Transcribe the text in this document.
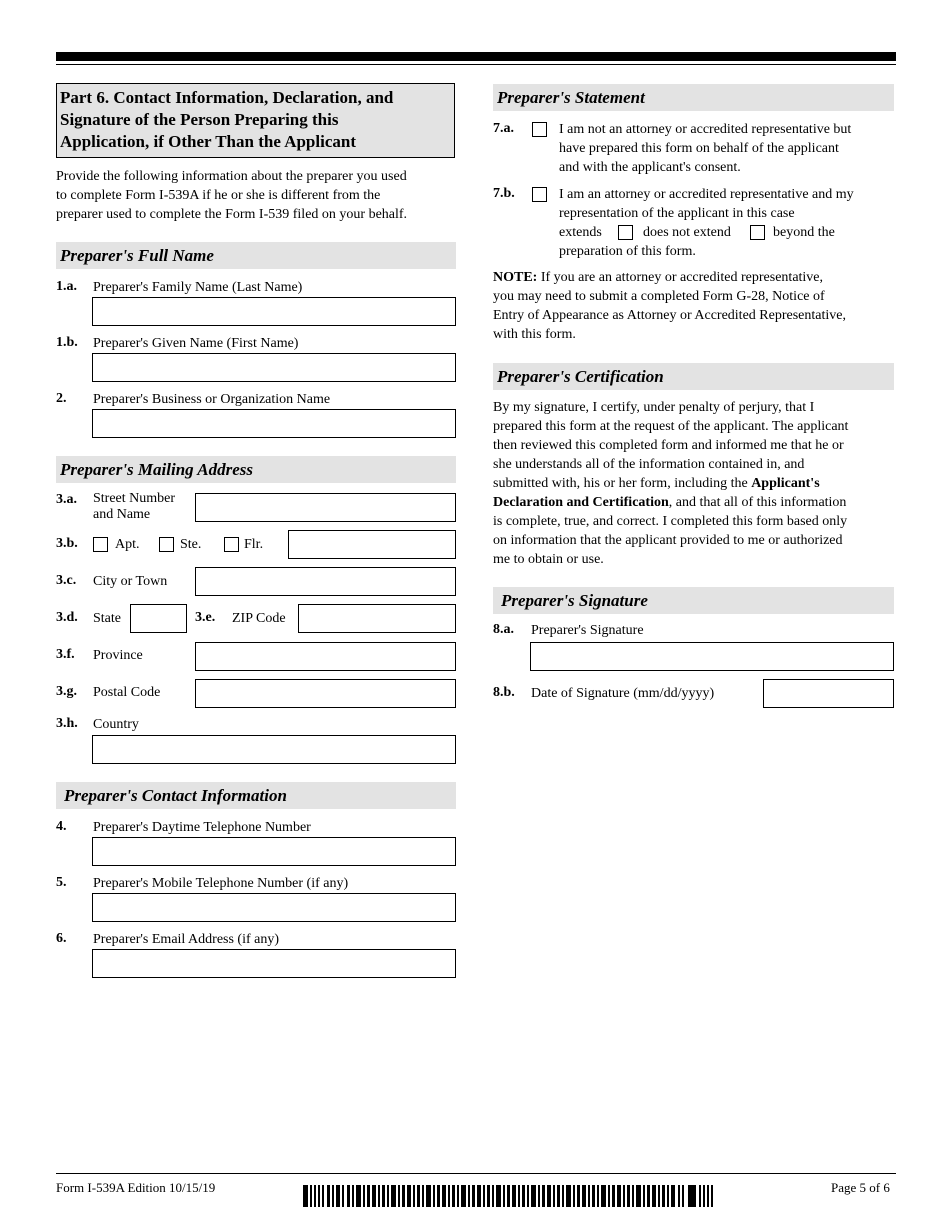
Part 6. Contact Information, Declaration, and
Signature of the Person Preparing this
Application, if Other Than the Applicant
Provide the following information about the preparer you used
to complete Form I-539A if he or she is different from the
preparer used to complete the Form I-539 filed on your behalf.
Preparer's Full Name
1.a. Preparer's Family Name (Last Name)
1.b. Preparer's Given Name (First Name)
2. Preparer's Business or Organization Name
Preparer's Mailing Address
3.a. Street Number
and Name
3.b.	Apt.	Ste.	Flr.
3.c. City or Town
3.d. State	3.e. ZIP Code
3.f. Province
3.g. Postal Code
3.h. Country
Preparer's Contact Information
4. Preparer's Daytime Telephone Number
5. Preparer's Mobile Telephone Number (if any)
6. Preparer's Email Address (if any)
Preparer's Statement
7.a.	I am not an attorney or accredited representative but
have prepared this form on behalf of the applicant
and with the applicant's consent.
7.b.	I am an attorney or accredited representative and my
representation of the applicant in this case
extends	does not extend	beyond the
preparation of this form.
NOTE: If you are an attorney or accredited representative,
you may need to submit a completed Form G-28, Notice of
Entry of Appearance as Attorney or Accredited Representative,
with this form.
Preparer's Certification
By my signature, I certify, under penalty of perjury, that I
prepared this form at the request of the applicant. The applicant
then reviewed this completed form and informed me that he or
she understands all of the information contained in, and
submitted with, his or her form, including the Applicant's
Declaration and Certification, and that all of this information
is complete, true, and correct. I completed this form based only
on information that the applicant provided to me or authorized
me to obtain or use.
Preparer's Signature
8.a. Preparer's Signature
8.b. Date of Signature (mm/dd/yyyy)
Form I-539A Edition 10/15/19	Page 5 of 6
